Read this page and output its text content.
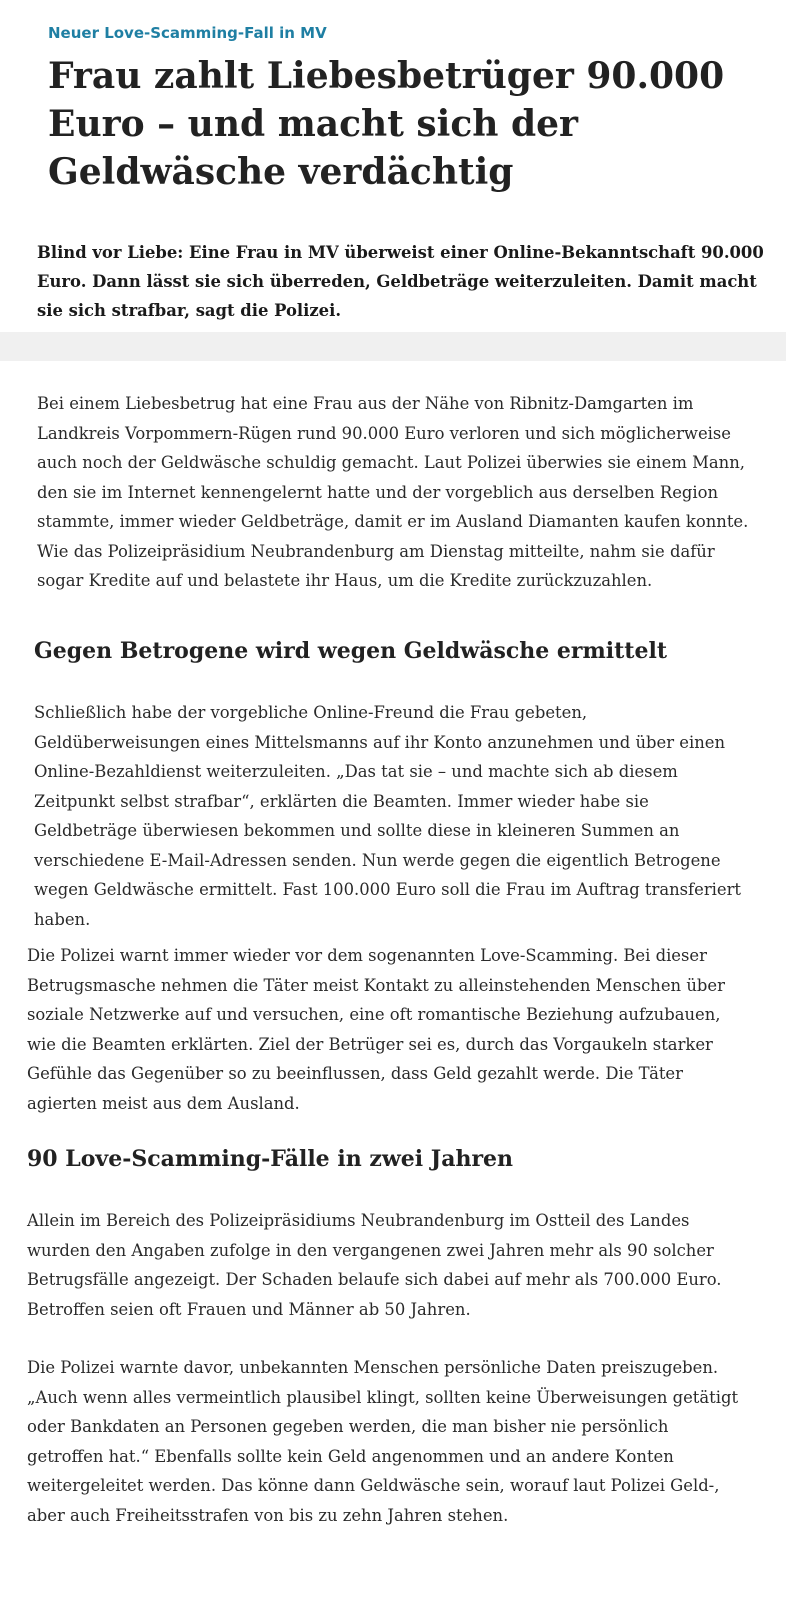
Neuer Love-Scamming-Fall in MV
Frau zahlt Liebesbetrüger 90.000 Euro – und macht sich der Geldwäsche verdächtig

Blind vor Liebe: Eine Frau in MV überweist einer Online-Bekanntschaft 90.000 Euro. Dann lässt sie sich überreden, Geldbeträge weiterzuleiten. Damit macht sie sich strafbar, sagt die Polizei.

Bei einem Liebesbetrug hat eine Frau aus der Nähe von Ribnitz-Damgarten im Landkreis Vorpommern-Rügen rund 90.000 Euro verloren und sich möglicherweise auch noch der Geldwäsche schuldig gemacht. Laut Polizei überwies sie einem Mann, den sie im Internet kennengelernt hatte und der vorgeblich aus derselben Region stammte, immer wieder Geldbeträge, damit er im Ausland Diamanten kaufen konnte. Wie das Polizeipräsidium Neubrandenburg am Dienstag mitteilte, nahm sie dafür sogar Kredite auf und belastete ihr Haus, um die Kredite zurückzuzahlen.

Gegen Betrogene wird wegen Geldwäsche ermittelt

Schließlich habe der vorgebliche Online-Freund die Frau gebeten, Geldüberweisungen eines Mittelsmanns auf ihr Konto anzunehmen und über einen Online-Bezahldienst weiterzuleiten. „Das tat sie – und machte sich ab diesem Zeitpunkt selbst strafbar“, erklärten die Beamten. Immer wieder habe sie Geldbeträge überwiesen bekommen und sollte diese in kleineren Summen an verschiedene E-Mail-Adressen senden. Nun werde gegen die eigentlich Betrogene wegen Geldwäsche ermittelt. Fast 100.000 Euro soll die Frau im Auftrag transferiert haben.

Die Polizei warnt immer wieder vor dem sogenannten Love-Scamming. Bei dieser Betrugsmasche nehmen die Täter meist Kontakt zu alleinstehenden Menschen über soziale Netzwerke auf und versuchen, eine oft romantische Beziehung aufzubauen, wie die Beamten erklärten. Ziel der Betrüger sei es, durch das Vorgaukeln starker Gefühle das Gegenüber so zu beeinflussen, dass Geld gezahlt werde. Die Täter agierten meist aus dem Ausland.

90 Love-Scamming-Fälle in zwei Jahren

Allein im Bereich des Polizeipräsidiums Neubrandenburg im Ostteil des Landes wurden den Angaben zufolge in den vergangenen zwei Jahren mehr als 90 solcher Betrugsfälle angezeigt. Der Schaden belaufe sich dabei auf mehr als 700.000 Euro. Betroffen seien oft Frauen und Männer ab 50 Jahren.

Die Polizei warnte davor, unbekannten Menschen persönliche Daten preiszugeben. „Auch wenn alles vermeintlich plausibel klingt, sollten keine Überweisungen getätigt oder Bankdaten an Personen gegeben werden, die man bisher nie persönlich getroffen hat.“ Ebenfalls sollte kein Geld angenommen und an andere Konten weitergeleitet werden. Das könne dann Geldwäsche sein, worauf laut Polizei Geld-, aber auch Freiheitsstrafen von bis zu zehn Jahren stehen.
